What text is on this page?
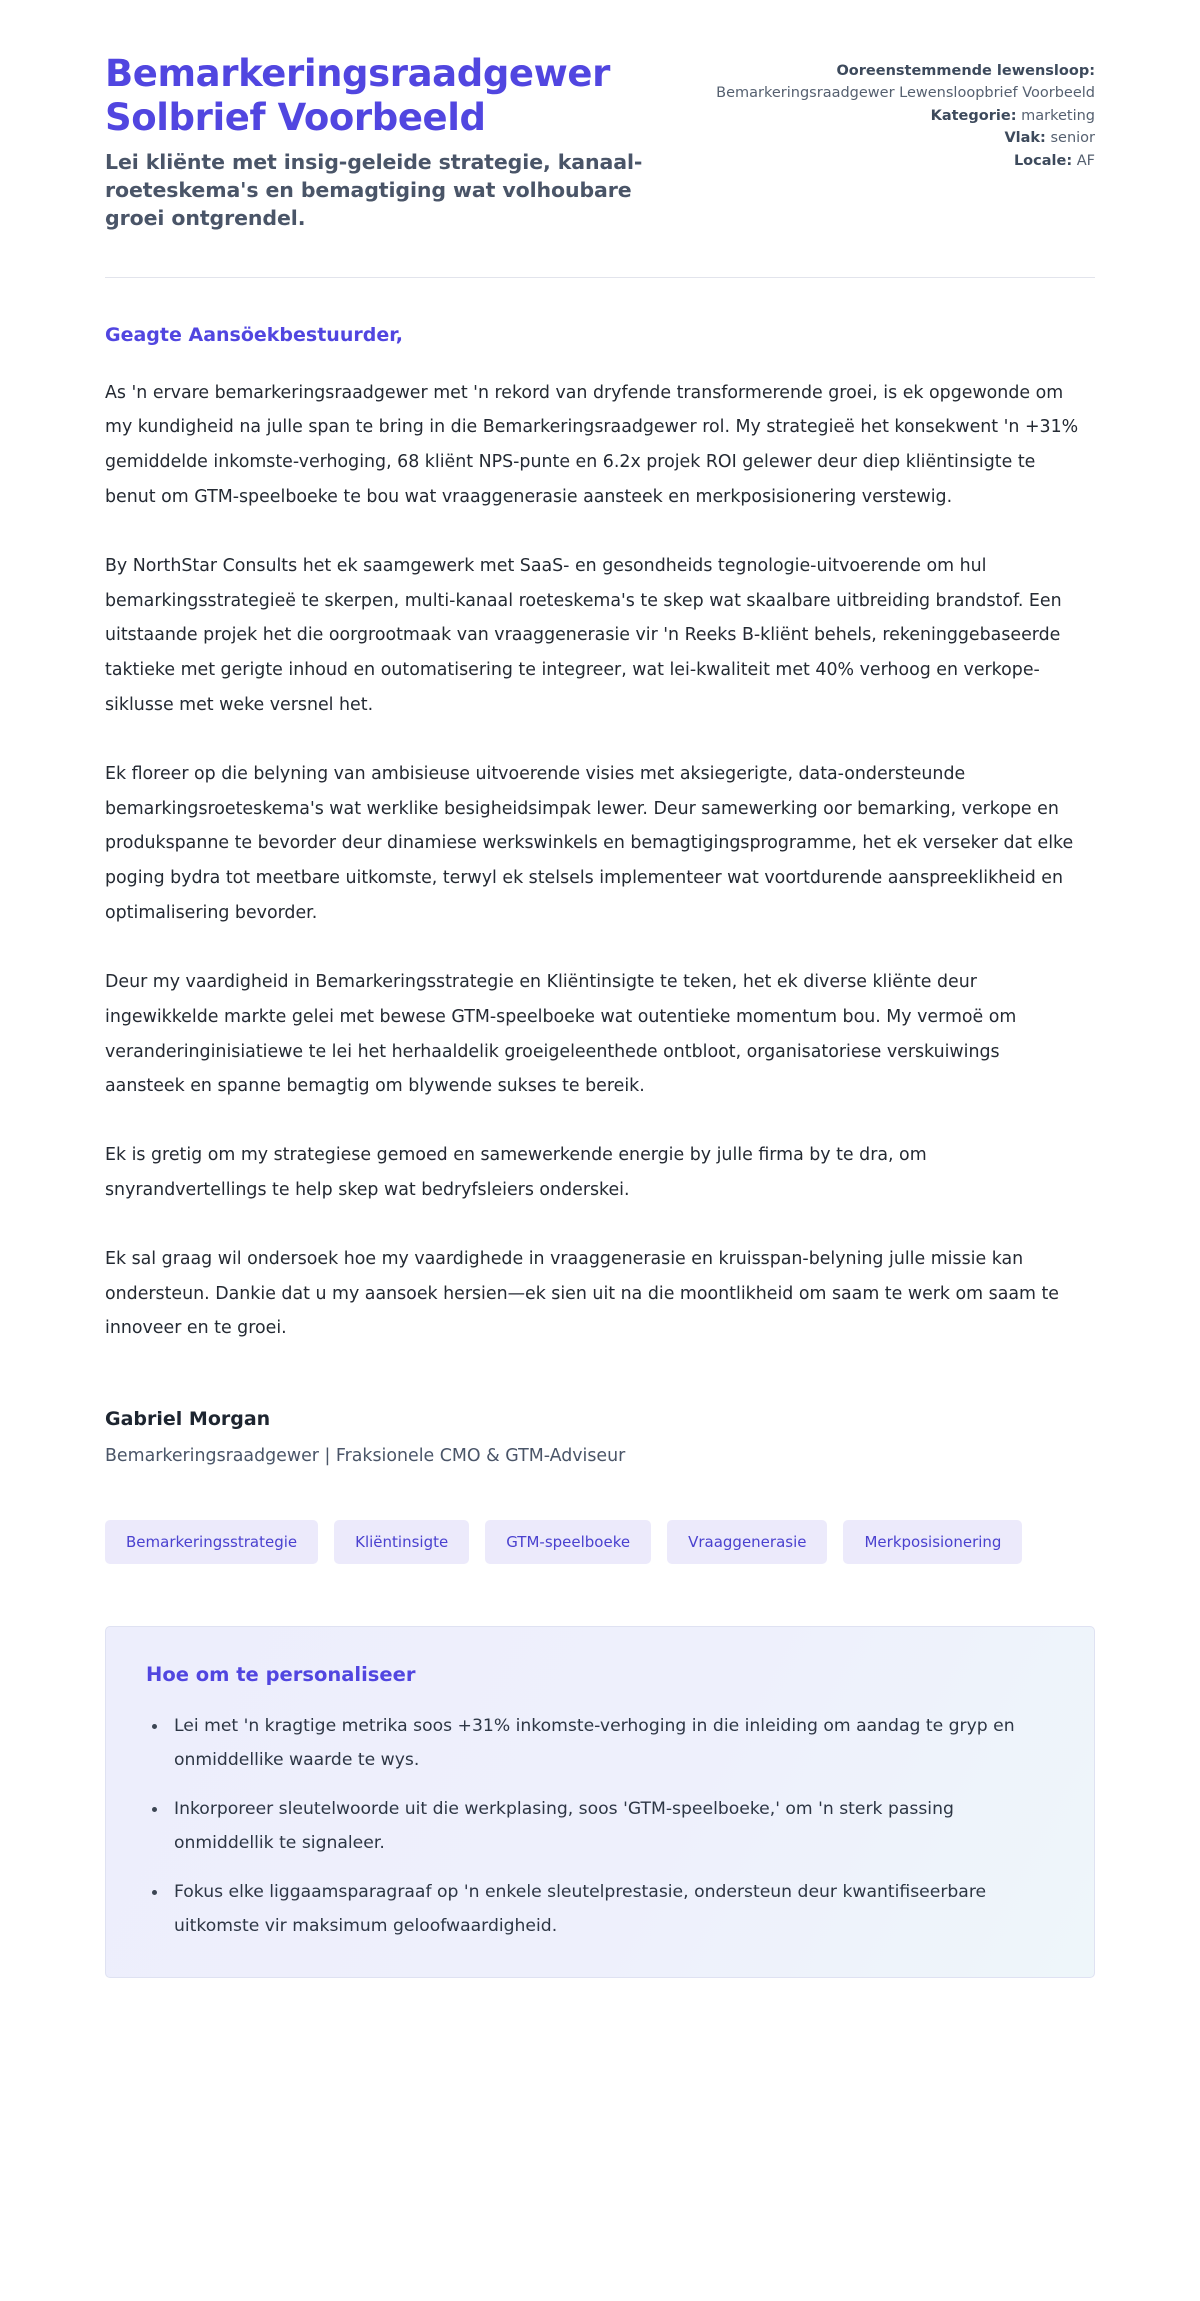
Bemarkeringsraadgewer Solbrief Voorbeeld

Lei kliënte met insig-geleide strategie, kanaal-roeteskema's en bemagtiging wat volhoubare groei ontgrendel.

Ooreenstemmende lewensloop:
Bemarkeringsraadgewer Lewensloopbrief Voorbeeld
Kategorie: marketing
Vlak: senior
Locale: AF

Geagte Aansöekbestuurder,

As 'n ervare bemarkeringsraadgewer met 'n rekord van dryfende transformerende groei, is ek opgewonde om my kundigheid na julle span te bring in die Bemarkeringsraadgewer rol. My strategieë het konsekwent 'n +31% gemiddelde inkomste-verhoging, 68 kliënt NPS-punte en 6.2x projek ROI gelewer deur diep kliëntinsigte te benut om GTM-speelboeke te bou wat vraaggenerasie aansteek en merkposisionering verstewig.

By NorthStar Consults het ek saamgewerk met SaaS- en gesondheids tegnologie-uitvoerende om hul bemarkingsstrategieë te skerpen, multi-kanaal roeteskema's te skep wat skaalbare uitbreiding brandstof. Een uitstaande projek het die oorgrootmaak van vraaggenerasie vir 'n Reeks B-kliënt behels, rekeninggebaseerde taktieke met gerigte inhoud en outomatisering te integreer, wat lei-kwaliteit met 40% verhoog en verkope-siklusse met weke versnel het.

Ek floreer op die belyning van ambisieuse uitvoerende visies met aksiegerigte, data-ondersteunde bemarkingsroeteskema's wat werklike besigheidsimpak lewer. Deur samewerking oor bemarking, verkope en produkspanne te bevorder deur dinamiese werkswinkels en bemagtigingsprogramme, het ek verseker dat elke poging bydra tot meetbare uitkomste, terwyl ek stelsels implementeer wat voortdurende aanspreeklikheid en optimalisering bevorder.

Deur my vaardigheid in Bemarkeringsstrategie en Kliëntinsigte te teken, het ek diverse kliënte deur ingewikkelde markte gelei met bewese GTM-speelboeke wat outentieke momentum bou. My vermoë om veranderinginisiatiewe te lei het herhaaldelik groeigeleenthede ontbloot, organisatoriese verskuiwings aansteek en spanne bemagtig om blywende sukses te bereik.

Ek is gretig om my strategiese gemoed en samewerkende energie by julle firma by te dra, om snyrandvertellings te help skep wat bedryfsleiers onderskei.

Ek sal graag wil ondersoek hoe my vaardighede in vraaggenerasie en kruisspan-belyning julle missie kan ondersteun. Dankie dat u my aansoek hersien—ek sien uit na die moontlikheid om saam te werk om saam te innoveer en te groei.

Gabriel Morgan

Bemarkeringsraadgewer | Fraksionele CMO & GTM-Adviseur

Bemarkeringsstrategie	Kliëntinsigte	GTM-speelboeke	Vraaggenerasie	Merkposisionering
Hoe om te personaliseer
Lei met 'n kragtige metrika soos +31% inkomste-verhoging in die inleiding om aandag te gryp en onmiddellike waarde te wys.
Inkorporeer sleutelwoorde uit die werkplasing, soos 'GTM-speelboeke,' om 'n sterk passing onmiddellik te signaleer.
Fokus elke liggaamsparagraaf op 'n enkele sleutelprestasie, ondersteun deur kwantifiseerbare uitkomste vir maksimum geloofwaardigheid.
